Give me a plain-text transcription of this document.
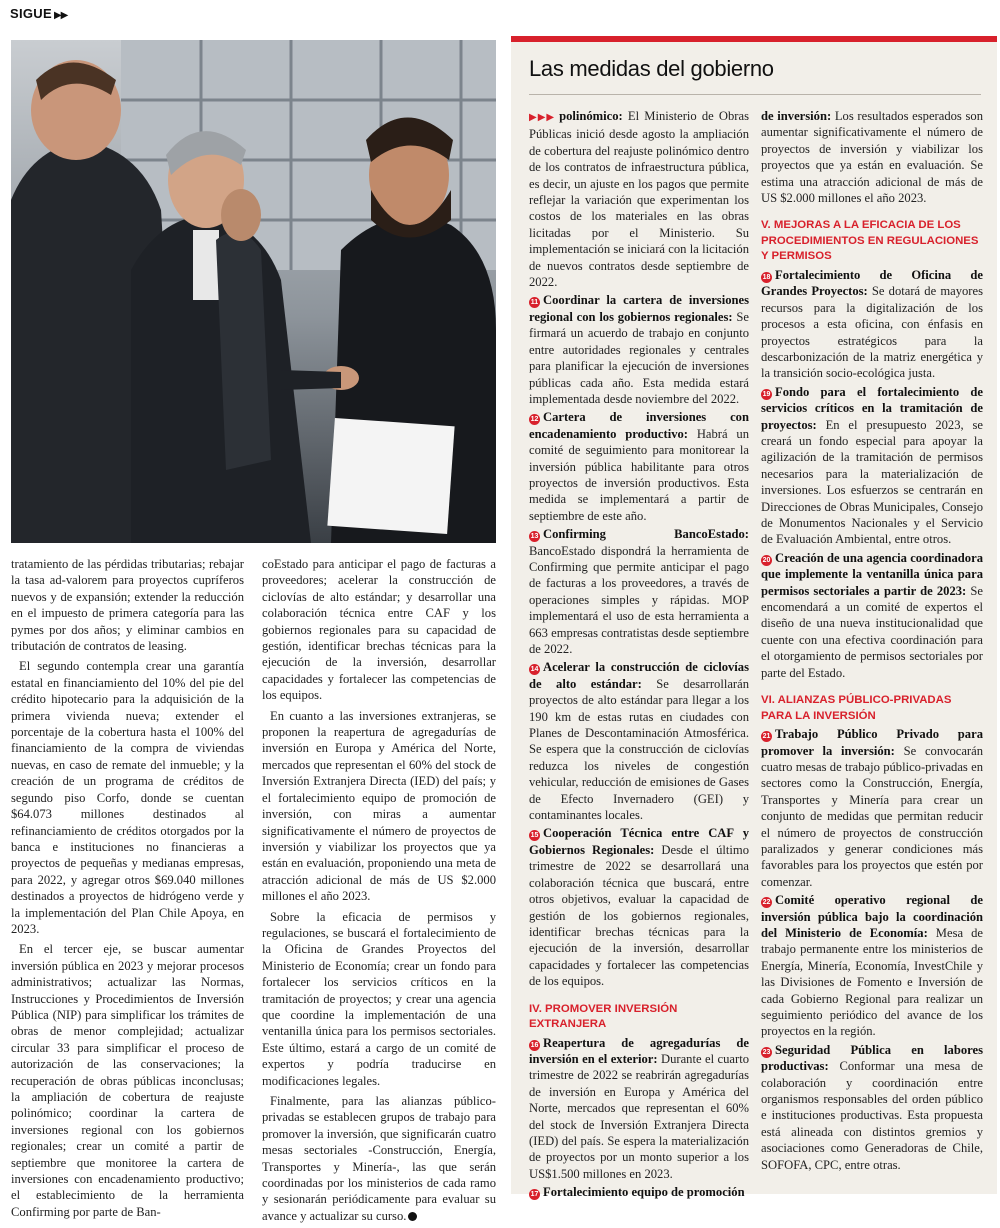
SIGUE ▶▶

tratamiento de las pérdidas tributarias; rebajar la tasa ad-valorem para proyectos cupríferos nuevos y de expansión; extender la reducción en el impuesto de primera categoría para las pymes por dos años; y eliminar cambios en tributación de contratos de leasing.

El segundo contempla crear una garantía estatal en financiamiento del 10% del pie del crédito hipotecario para la adquisición de la primera vivienda nueva; extender el porcentaje de la cobertura hasta el 100% del financiamiento de la compra de viviendas nuevas, en caso de remate del inmueble; y la creación de un programa de créditos de segundo piso Corfo, donde se cuentan $64.073 millones destinados al refinanciamiento de créditos otorgados por la banca e instituciones no financieras a proyectos de pequeñas y medianas empresas, para 2022, y agregar otros $69.040 millones destinados a proyectos de hidrógeno verde y la implementación del Plan Chile Apoya, en 2023.

En el tercer eje, se buscar aumentar inversión pública en 2023 y mejorar procesos administrativos; actualizar las Normas, Instrucciones y Procedimientos de Inversión Pública (NIP) para simplificar los trámites de obras de menor complejidad; actualizar circular 33 para simplificar el proceso de autorización de las conservaciones; la recuperación de obras públicas inconclusas; la ampliación de cobertura de reajuste polinómico; coordinar la cartera de inversiones regional con los gobiernos regionales; crear un comité a partir de septiembre que monitoree la cartera de inversiones con encadenamiento productivo; el establecimiento de la herramienta Confirming por parte de Ban-

coEstado para anticipar el pago de facturas a proveedores; acelerar la construcción de ciclovías de alto estándar; y desarrollar una colaboración técnica entre CAF y los gobiernos regionales para su capacidad de gestión, identificar brechas técnicas para la ejecución de la inversión, desarrollar capacidades y fortalecer las competencias de los equipos.

En cuanto a las inversiones extranjeras, se proponen la reapertura de agregadurías de inversión en Europa y América del Norte, mercados que representan el 60% del stock de Inversión Extranjera Directa (IED) del país; y el fortalecimiento equipo de promoción de inversión, con miras a aumentar significativamente el número de proyectos de inversión y viabilizar los proyectos que ya están en evaluación, proponiendo una meta de atracción adicional de más de US $2.000 millones el año 2023.

Sobre la eficacia de permisos y regulaciones, se buscará el fortalecimiento de la Oficina de Grandes Proyectos del Ministerio de Economía; crear un fondo para fortalecer los servicios críticos en la tramitación de proyectos; y crear una agencia que coordine la implementación de una ventanilla única para los permisos sectoriales. Este último, estará a cargo de un comité de expertos y podría traducirse en modificaciones legales.

Finalmente, para las alianzas público-privadas se establecen grupos de trabajo para promover la inversión, que significarán cuatro mesas sectoriales -Construcción, Energía, Transportes y Minería-, las que serán coordinadas por los ministerios de cada ramo y sesionarán periódicamente para evaluar su avance y actualizar su curso.

Las medidas del gobierno
▶▶▶ polinómico: El Ministerio de Obras Públicas inició desde agosto la ampliación de cobertura del reajuste polinómico dentro de los contratos de infraestructura pública, es decir, un ajuste en los pagos que permite reflejar la variación que experimentan los costos de los materiales en las obras licitadas por el Ministerio. Su implementación se iniciará con la licitación de nuevos contratos desde septiembre de 2022.
11 Coordinar la cartera de inversiones regional con los gobiernos regionales: Se firmará un acuerdo de trabajo en conjunto entre autoridades regionales y centrales para planificar la ejecución de inversiones públicas cada año. Esta medida estará implementada desde noviembre del 2022.
12 Cartera de inversiones con encadenamiento productivo: Habrá un comité de seguimiento para monitorear la inversión pública habilitante para otros proyectos de inversión productivos. Esta medida se implementará a partir de septiembre de este año.
13 Confirming BancoEstado: BancoEstado dispondrá la herramienta de Confirming que permite anticipar el pago de facturas a los proveedores, a través de operaciones simples y rápidas. MOP implementará el uso de esta herramienta a 663 empresas contratistas desde septiembre de 2022.
14 Acelerar la construcción de ciclovías de alto estándar: Se desarrollarán proyectos de alto estándar para llegar a los 190 km de estas rutas en ciudades con Planes de Descontaminación Atmosférica. Se espera que la construcción de ciclovías reduzca los niveles de congestión vehicular, reducción de emisiones de Gases de Efecto Invernadero (GEI) y contaminantes locales.
15 Cooperación Técnica entre CAF y Gobiernos Regionales: Desde el último trimestre de 2022 se desarrollará una colaboración técnica que buscará, entre otros objetivos, evaluar la capacidad de gestión de los gobiernos regionales, identificar brechas técnicas para la ejecución de la inversión, desarrollar capacidades y fortalecer las competencias de los equipos.
IV. PROMOVER INVERSIÓN EXTRANJERA
16 Reapertura de agregadurías de inversión en el exterior: Durante el cuarto trimestre de 2022 se reabrirán agregadurías de inversión en Europa y América del Norte, mercados que representan el 60% del stock de Inversión Extranjera Directa (IED) del país. Se espera la materialización de proyectos por un monto superior a los US$1.500 millones en 2023.
17 Fortalecimiento equipo de promoción
de inversión: Los resultados esperados son aumentar significativamente el número de proyectos de inversión y viabilizar los proyectos que ya están en evaluación. Se estima una atracción adicional de más de US $2.000 millones el año 2023.
V. MEJORAS A LA EFICACIA DE LOS PROCEDIMIENTOS EN REGULACIONES Y PERMISOS
18 Fortalecimiento de Oficina de Grandes Proyectos: Se dotará de mayores recursos para la digitalización de los procesos a esta oficina, con énfasis en proyectos estratégicos para la descarbonización de la matriz energética y la transición socio-ecológica justa.
19 Fondo para el fortalecimiento de servicios críticos en la tramitación de proyectos: En el presupuesto 2023, se creará un fondo especial para apoyar la agilización de la tramitación de permisos necesarios para la materialización de inversiones. Los esfuerzos se centrarán en Direcciones de Obras Municipales, Consejo de Monumentos Nacionales y el Servicio de Evaluación Ambiental, entre otros.
20 Creación de una agencia coordinadora que implemente la ventanilla única para permisos sectoriales a partir de 2023: Se encomendará a un comité de expertos el diseño de una nueva institucionalidad que cuente con una efectiva coordinación para el otorgamiento de permisos sectoriales por parte del Estado.
VI. ALIANZAS PÚBLICO-PRIVADAS PARA LA INVERSIÓN
21 Trabajo Público Privado para promover la inversión: Se convocarán cuatro mesas de trabajo público-privadas en sectores como la Construcción, Energía, Transportes y Minería para crear un conjunto de medidas que permitan reducir el número de proyectos de construcción paralizados y generar condiciones más favorables para los proyectos que estén por comenzar.
22 Comité operativo regional de inversión pública bajo la coordinación del Ministerio de Economía: Mesa de trabajo permanente entre los ministerios de Energía, Minería, Economía, InvestChile y las Divisiones de Fomento e Inversión de cada Gobierno Regional para realizar un seguimiento periódico del avance de los proyectos en la región.
23 Seguridad Pública en labores productivas: Conformar una mesa de colaboración y coordinación entre organismos responsables del orden público e instituciones productivas. Esta propuesta está alineada con distintos gremios y asociaciones como Generadoras de Chile, SOFOFA, CPC, entre otras.
